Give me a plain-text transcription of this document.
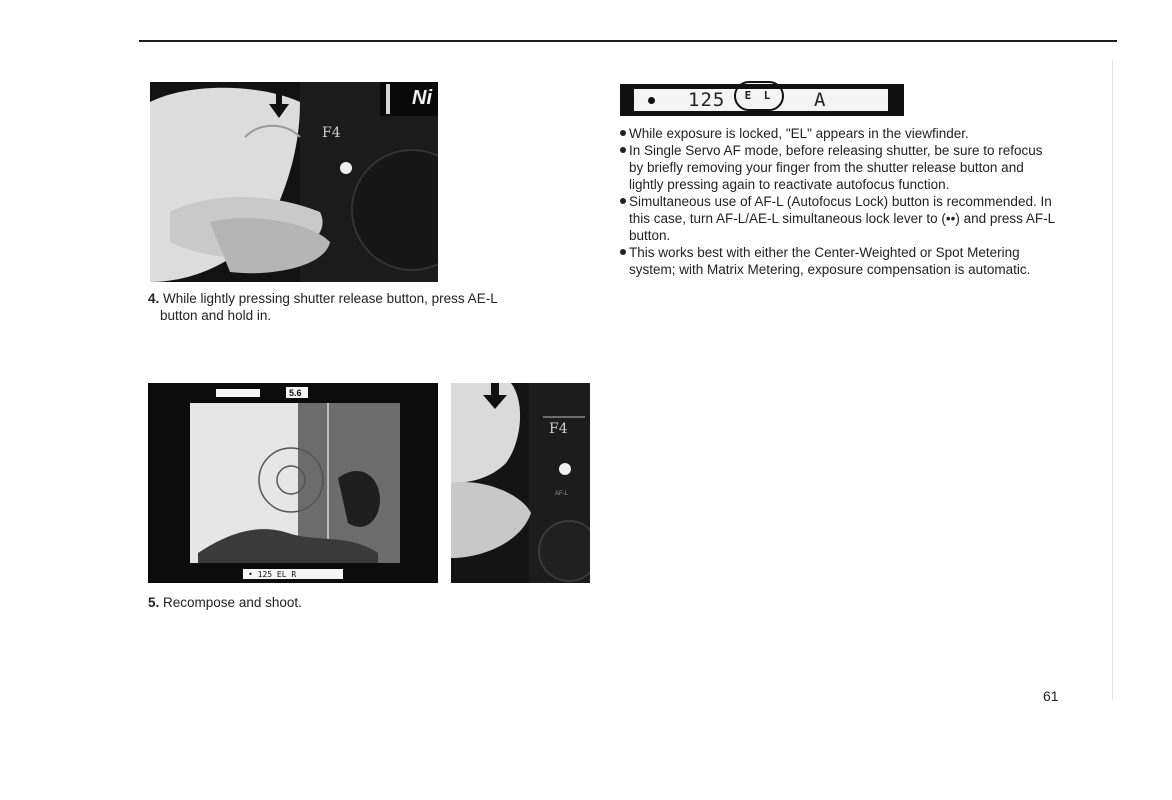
Ni
F4
4. While lightly pressing shutter release button, press AE-L
button and hold in.
5.6
• 125 EL R
F4
AF-L
5. Recompose and shoot.
125	E L	A
While exposure is locked, "EL" appears in the viewfinder.
In Single Servo AF mode, before releasing shutter, be sure to refocus by briefly removing your finger from the shutter release button and lightly pressing again to reactivate autofocus function.
Simultaneous use of AF-L (Autofocus Lock) button is recommended. In this case, turn AF-L/AE-L simultaneous lock lever to (••) and press AF-L button.
This works best with either the Center-Weighted or Spot Metering system; with Matrix Metering, exposure compensation is automatic.
61
